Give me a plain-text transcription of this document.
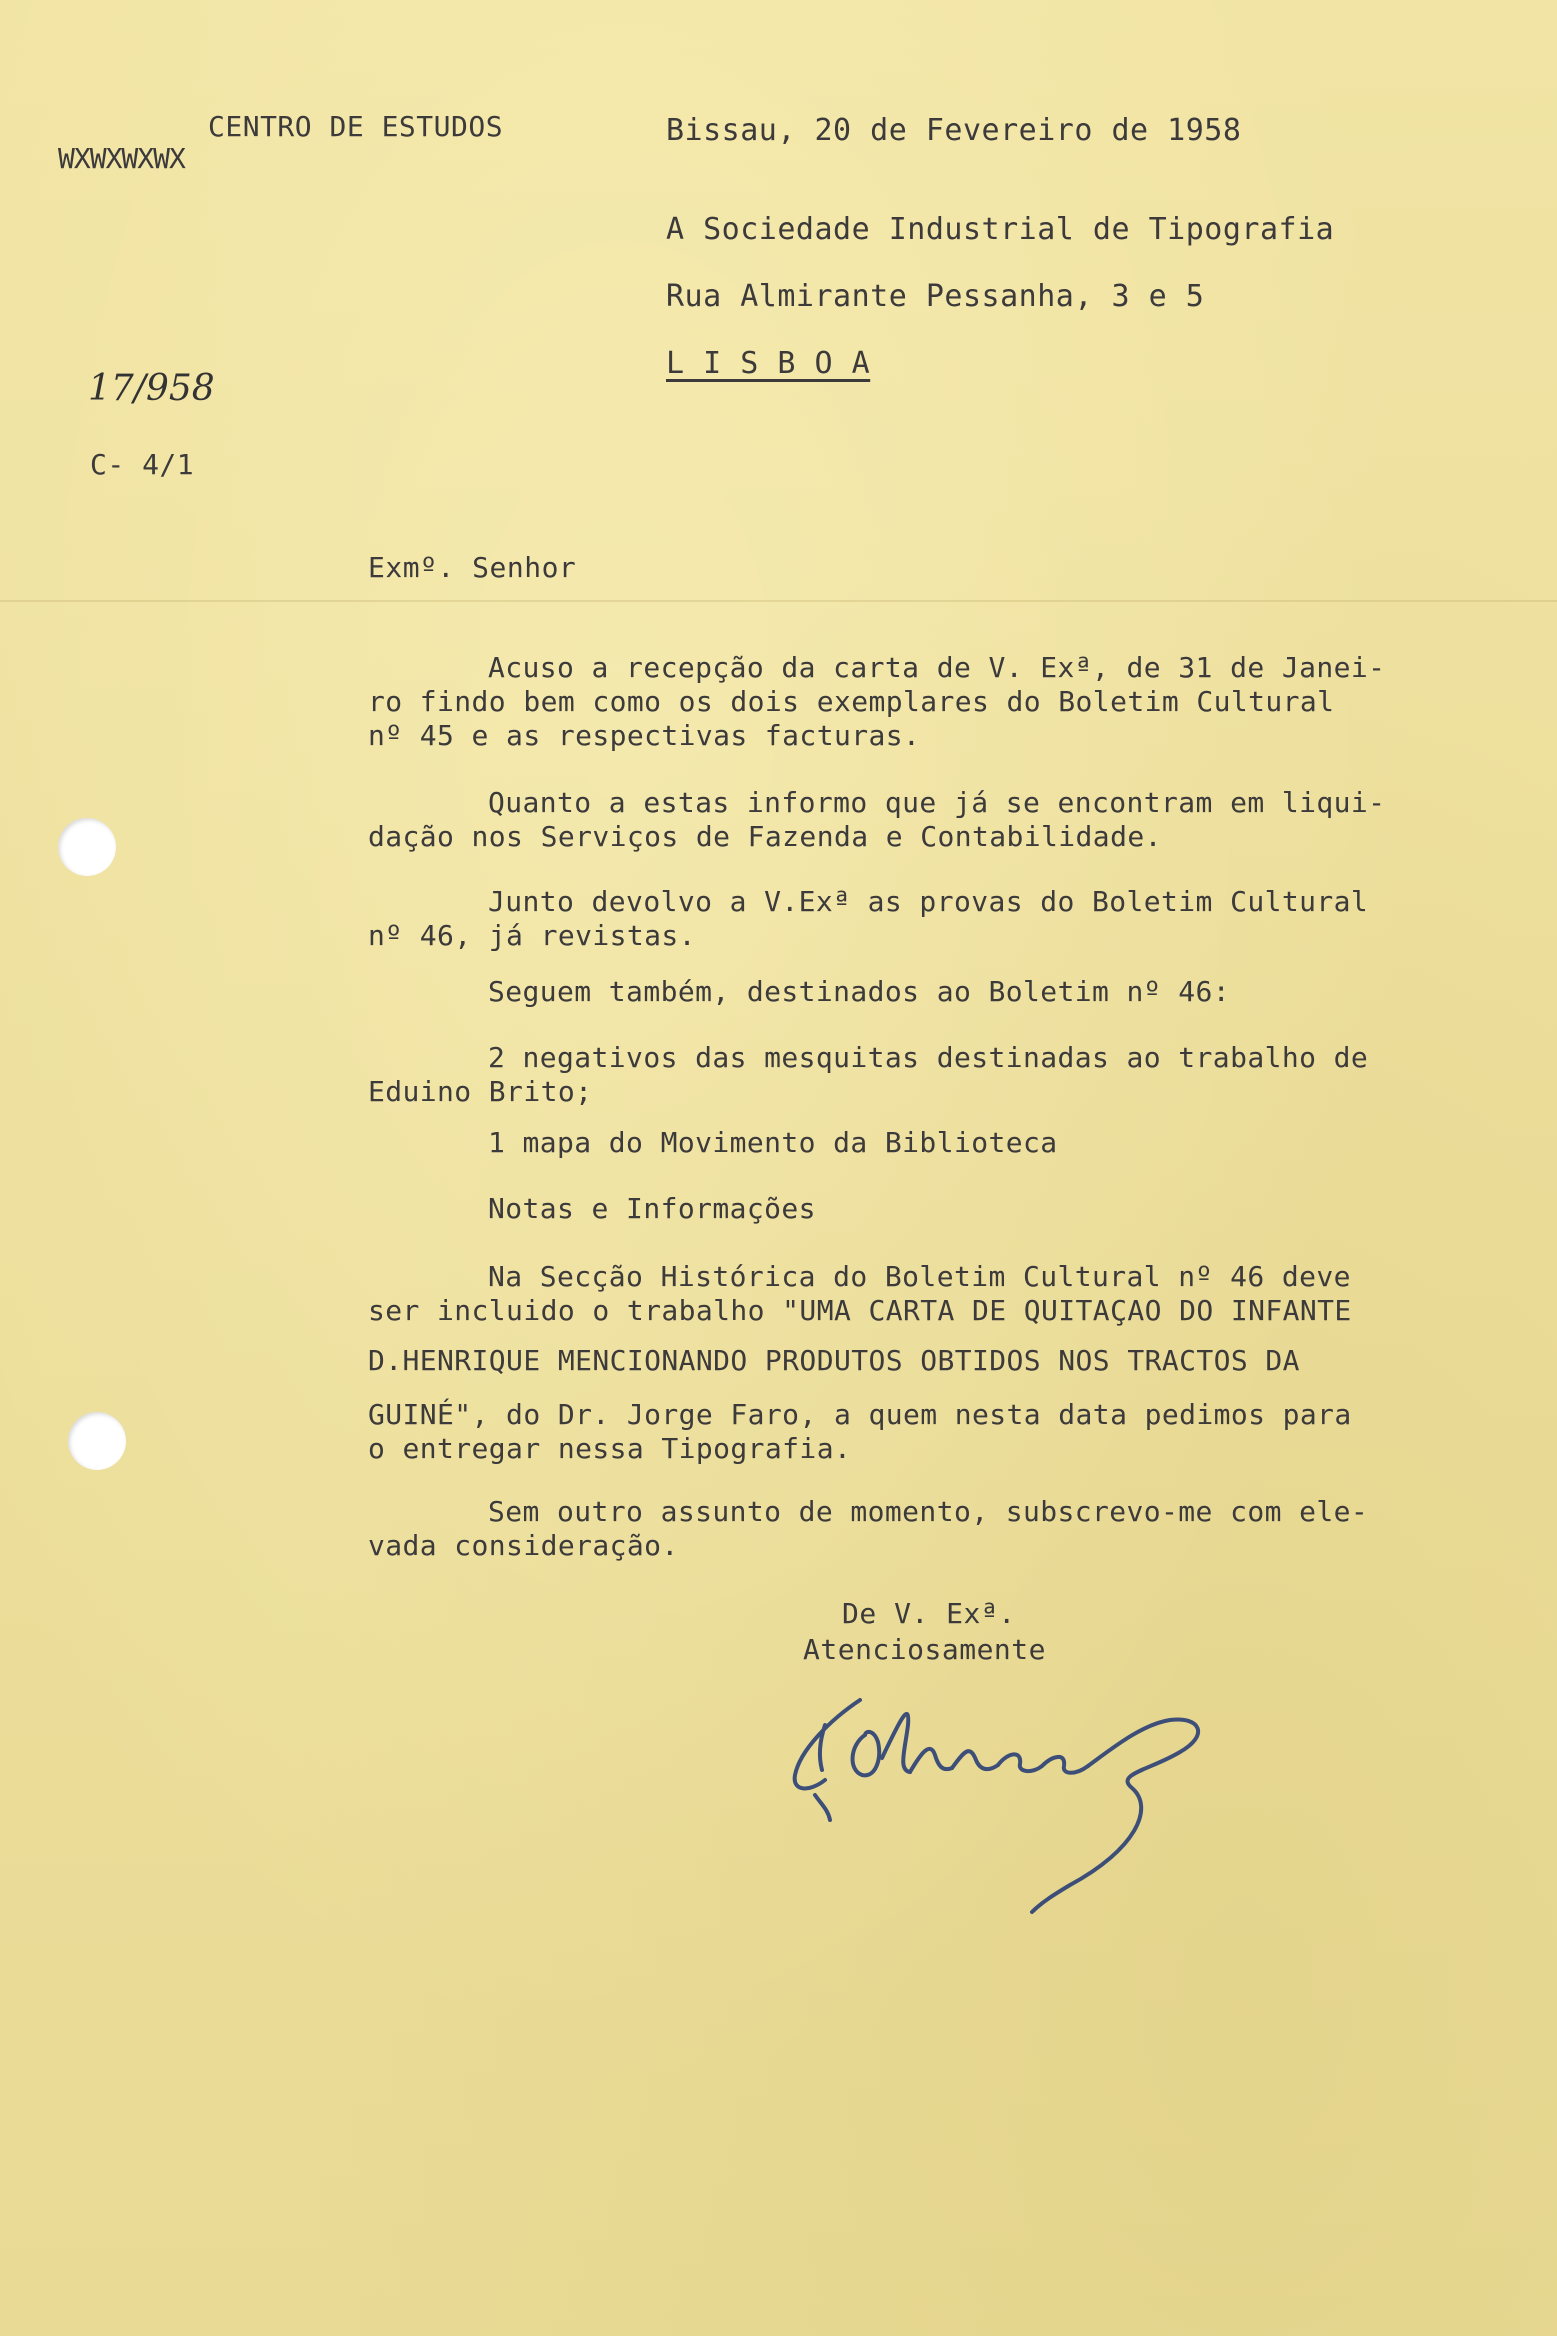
CENTRO DE ESTUDOS
WXWXWXWX
Bissau, 20 de Fevereiro de 1958
A Sociedade Industrial de Tipografia
Rua Almirante Pessanha, 3 e 5
L I S B O A
17/958
C- 4/1
Exmº. Senhor

Acuso a recepção da carta de V. Exª, de 31 de Janei-

ro findo bem como os dois exemplares do Boletim Cultural

nº 45 e as respectivas facturas.

Quanto a estas informo que já se encontram em liqui-

dação nos Serviços de Fazenda e Contabilidade.

Junto devolvo a V.Exª as provas do Boletim Cultural

nº 46, já revistas.

Seguem também, destinados ao Boletim nº 46:

2 negativos das mesquitas destinadas ao trabalho de

Eduino Brito;

1 mapa do Movimento da Biblioteca

Notas e Informações

Na Secção Histórica do Boletim Cultural nº 46 deve

ser incluido o trabalho "UMA CARTA DE QUITAÇAO DO INFANTE

D.HENRIQUE MENCIONANDO PRODUTOS OBTIDOS NOS TRACTOS DA

GUINÉ", do Dr. Jorge Faro, a quem nesta data pedimos para

o entregar nessa Tipografia.

Sem outro assunto de momento, subscrevo-me com ele-

vada consideração.

De V. Exª.
Atenciosamente
